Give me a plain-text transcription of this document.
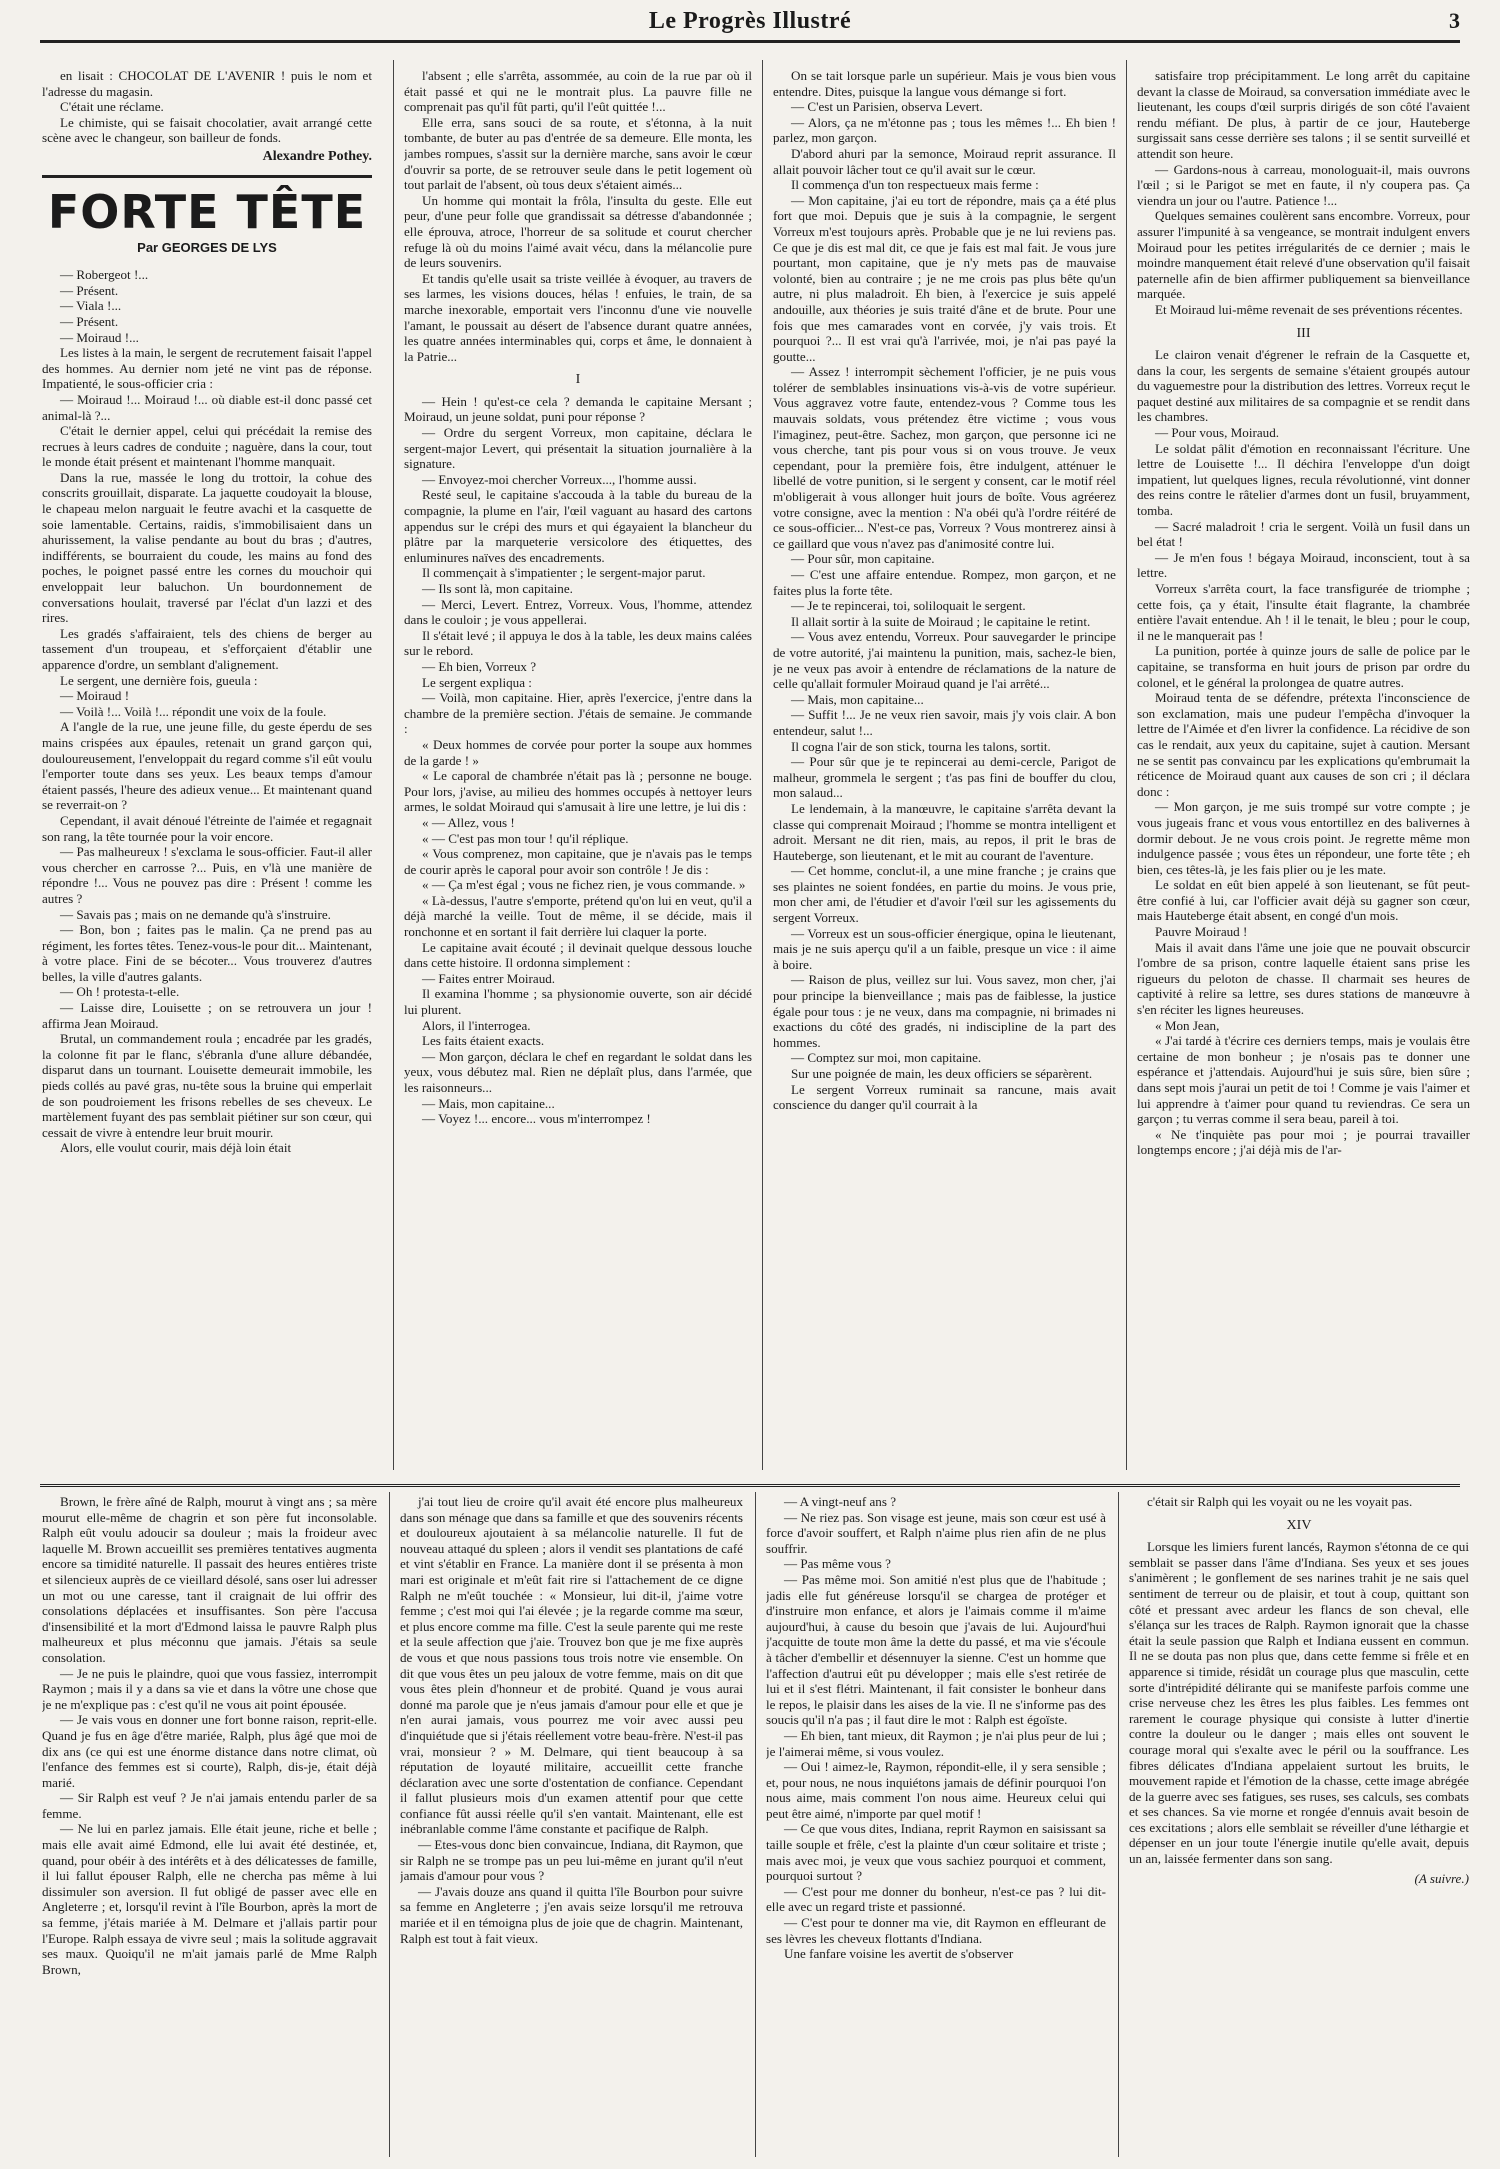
Le Progrès Illustré	3

en lisait : CHOCOLAT DE L'AVENIR ! puis le nom et l'adresse du magasin.

C'était une réclame.

Le chimiste, qui se faisait chocolatier, avait arrangé cette scène avec le changeur, son bailleur de fonds.

Alexandre Pothey.
FORTE TÊTE
Par GEORGES DE LYS

— Robergeot !...

— Présent.

— Viala !...

— Présent.

— Moiraud !...

Les listes à la main, le sergent de recrutement faisait l'appel des hommes. Au dernier nom jeté ne vint pas de réponse. Impatienté, le sous-officier cria :

— Moiraud !... Moiraud !... où diable est-il donc passé cet animal-là ?...

C'était le dernier appel, celui qui précédait la remise des recrues à leurs cadres de conduite ; naguère, dans la cour, tout le monde était présent et maintenant l'homme manquait.

Dans la rue, massée le long du trottoir, la cohue des conscrits grouillait, disparate. La jaquette coudoyait la blouse, le chapeau melon narguait le feutre avachi et la casquette de soie lamentable. Certains, raidis, s'immobilisaient dans un ahurissement, la valise pendante au bout du bras ; d'autres, indifférents, se bourraient du coude, les mains au fond des poches, le poignet passé entre les cornes du mouchoir qui enveloppait leur baluchon. Un bourdonnement de conversations houlait, traversé par l'éclat d'un lazzi et des rires.

Les gradés s'affairaient, tels des chiens de berger au tassement d'un troupeau, et s'efforçaient d'établir une apparence d'ordre, un semblant d'alignement.

Le sergent, une dernière fois, gueula :

— Moiraud !

— Voilà !... Voilà !... répondit une voix de la foule.

A l'angle de la rue, une jeune fille, du geste éperdu de ses mains crispées aux épaules, retenait un grand garçon qui, douloureusement, l'enveloppait du regard comme s'il eût voulu l'emporter toute dans ses yeux. Les beaux temps d'amour étaient passés, l'heure des adieux venue... Et maintenant quand se reverrait-on ?

Cependant, il avait dénoué l'étreinte de l'aimée et regagnait son rang, la tête tournée pour la voir encore.

— Pas malheureux ! s'exclama le sous-officier. Faut-il aller vous chercher en carrosse ?... Puis, en v'là une manière de répondre !... Vous ne pouvez pas dire : Présent ! comme les autres ?

— Savais pas ; mais on ne demande qu'à s'instruire.

— Bon, bon ; faites pas le malin. Ça ne prend pas au régiment, les fortes têtes. Tenez-vous-le pour dit... Maintenant, à votre place. Fini de se bécoter... Vous trouverez d'autres belles, la ville d'autres galants.

— Oh ! protesta-t-elle.

— Laisse dire, Louisette ; on se retrouvera un jour ! affirma Jean Moiraud.

Brutal, un commandement roula ; encadrée par les gradés, la colonne fit par le flanc, s'ébranla d'une allure débandée, disparut dans un tournant. Louisette demeurait immobile, les pieds collés au pavé gras, nu-tête sous la bruine qui emperlait de son poudroiement les frisons rebelles de ses cheveux. Le martèlement fuyant des pas semblait piétiner sur son cœur, qui cessait de vivre à entendre leur bruit mourir.

Alors, elle voulut courir, mais déjà loin était

l'absent ; elle s'arrêta, assommée, au coin de la rue par où il était passé et qui ne le montrait plus. La pauvre fille ne comprenait pas qu'il fût parti, qu'il l'eût quittée !...

Elle erra, sans souci de sa route, et s'étonna, à la nuit tombante, de buter au pas d'entrée de sa demeure. Elle monta, les jambes rompues, s'assit sur la dernière marche, sans avoir le cœur d'ouvrir sa porte, de se retrouver seule dans le petit logement où tout parlait de l'absent, où tous deux s'étaient aimés...

Un homme qui montait la frôla, l'insulta du geste. Elle eut peur, d'une peur folle que grandissait sa détresse d'abandonnée ; elle éprouva, atroce, l'horreur de sa solitude et courut chercher refuge là où du moins l'aimé avait vécu, dans la mélancolie pure de leurs souvenirs.

Et tandis qu'elle usait sa triste veillée à évoquer, au travers de ses larmes, les visions douces, hélas ! enfuies, le train, de sa marche inexorable, emportait vers l'inconnu d'une vie nouvelle l'amant, le poussait au désert de l'absence durant quatre années, les quatre années interminables qui, corps et âme, le donnaient à la Patrie...

I

— Hein ! qu'est-ce cela ? demanda le capitaine Mersant ; Moiraud, un jeune soldat, puni pour réponse ?

— Ordre du sergent Vorreux, mon capitaine, déclara le sergent-major Levert, qui présentait la situation journalière à la signature.

— Envoyez-moi chercher Vorreux..., l'homme aussi.

Resté seul, le capitaine s'accouda à la table du bureau de la compagnie, la plume en l'air, l'œil vaguant au hasard des cartons appendus sur le crépi des murs et qui égayaient la blancheur du plâtre par la marqueterie versicolore des étiquettes, des enluminures naïves des encadrements.

Il commençait à s'impatienter ; le sergent-major parut.

— Ils sont là, mon capitaine.

— Merci, Levert. Entrez, Vorreux. Vous, l'homme, attendez dans le couloir ; je vous appellerai.

Il s'était levé ; il appuya le dos à la table, les deux mains calées sur le rebord.

— Eh bien, Vorreux ?

Le sergent expliqua :

— Voilà, mon capitaine. Hier, après l'exercice, j'entre dans la chambre de la première section. J'étais de semaine. Je commande :

« Deux hommes de corvée pour porter la soupe aux hommes de la garde ! »

« Le caporal de chambrée n'était pas là ; personne ne bouge. Pour lors, j'avise, au milieu des hommes occupés à nettoyer leurs armes, le soldat Moiraud qui s'amusait à lire une lettre, je lui dis :

« — Allez, vous !

« — C'est pas mon tour ! qu'il réplique.

« Vous comprenez, mon capitaine, que je n'avais pas le temps de courir après le caporal pour avoir son contrôle ! Je dis :

« — Ça m'est égal ; vous ne fichez rien, je vous commande. »

« Là-dessus, l'autre s'emporte, prétend qu'on lui en veut, qu'il a déjà marché la veille. Tout de même, il se décide, mais il ronchonne et en sortant il fait derrière lui claquer la porte.

Le capitaine avait écouté ; il devinait quelque dessous louche dans cette histoire. Il ordonna simplement :

— Faites entrer Moiraud.

Il examina l'homme ; sa physionomie ouverte, son air décidé lui plurent.

Alors, il l'interrogea.

Les faits étaient exacts.

— Mon garçon, déclara le chef en regardant le soldat dans les yeux, vous débutez mal. Rien ne déplaît plus, dans l'armée, que les raisonneurs...

— Mais, mon capitaine...

— Voyez !... encore... vous m'interrompez !

On se tait lorsque parle un supérieur. Mais je vous bien vous entendre. Dites, puisque la langue vous démange si fort.

— C'est un Parisien, observa Levert.

— Alors, ça ne m'étonne pas ; tous les mêmes !... Eh bien ! parlez, mon garçon.

D'abord ahuri par la semonce, Moiraud reprit assurance. Il allait pouvoir lâcher tout ce qu'il avait sur le cœur.

Il commença d'un ton respectueux mais ferme :

— Mon capitaine, j'ai eu tort de répondre, mais ça a été plus fort que moi. Depuis que je suis à la compagnie, le sergent Vorreux m'est toujours après. Probable que je ne lui reviens pas. Ce que je dis est mal dit, ce que je fais est mal fait. Je vous jure pourtant, mon capitaine, que je n'y mets pas de mauvaise volonté, bien au contraire ; je ne me crois pas plus bête qu'un autre, ni plus maladroit. Eh bien, à l'exercice je suis appelé andouille, aux théories je suis traité d'âne et de brute. Pour une fois que mes camarades vont en corvée, j'y vais trois. Et pourquoi ?... Il est vrai qu'à l'arrivée, moi, je n'ai pas payé la goutte...

— Assez ! interrompit sèchement l'officier, je ne puis vous tolérer de semblables insinuations vis-à-vis de votre supérieur. Vous aggravez votre faute, entendez-vous ? Comme tous les mauvais soldats, vous prétendez être victime ; vous vous l'imaginez, peut-être. Sachez, mon garçon, que personne ici ne vous cherche, tant pis pour vous si on vous trouve. Je veux cependant, pour la première fois, être indulgent, atténuer le libellé de votre punition, si le sergent y consent, car le motif réel m'obligerait à vous allonger huit jours de boîte. Vous agréerez votre consigne, avec la mention : N'a obéi qu'à l'ordre réitéré de ce sous-officier... N'est-ce pas, Vorreux ? Vous montrerez ainsi à ce gaillard que vous n'avez pas d'animosité contre lui.

— Pour sûr, mon capitaine.

— C'est une affaire entendue. Rompez, mon garçon, et ne faites plus la forte tête.

— Je te repincerai, toi, soliloquait le sergent.

Il allait sortir à la suite de Moiraud ; le capitaine le retint.

— Vous avez entendu, Vorreux. Pour sauvegarder le principe de votre autorité, j'ai maintenu la punition, mais, sachez-le bien, je ne veux pas avoir à entendre de réclamations de la nature de celle qu'allait formuler Moiraud quand je l'ai arrêté...

— Mais, mon capitaine...

— Suffit !... Je ne veux rien savoir, mais j'y vois clair. A bon entendeur, salut !...

Il cogna l'air de son stick, tourna les talons, sortit.

— Pour sûr que je te repincerai au demi-cercle, Parigot de malheur, grommela le sergent ; t'as pas fini de bouffer du clou, mon salaud...

Le lendemain, à la manœuvre, le capitaine s'arrêta devant la classe qui comprenait Moiraud ; l'homme se montra intelligent et adroit. Mersant ne dit rien, mais, au repos, il prit le bras de Hauteberge, son lieutenant, et le mit au courant de l'aventure.

— Cet homme, conclut-il, a une mine franche ; je crains que ses plaintes ne soient fondées, en partie du moins. Je vous prie, mon cher ami, de l'étudier et d'avoir l'œil sur les agissements du sergent Vorreux.

— Vorreux est un sous-officier énergique, opina le lieutenant, mais je ne suis aperçu qu'il a un faible, presque un vice : il aime à boire.

— Raison de plus, veillez sur lui. Vous savez, mon cher, j'ai pour principe la bienveillance ; mais pas de faiblesse, la justice égale pour tous : je ne veux, dans ma compagnie, ni brimades ni exactions du côté des gradés, ni indiscipline de la part des hommes.

— Comptez sur moi, mon capitaine.

Sur une poignée de main, les deux officiers se séparèrent.

Le sergent Vorreux ruminait sa rancune, mais avait conscience du danger qu'il courrait à la

satisfaire trop précipitamment. Le long arrêt du capitaine devant la classe de Moiraud, sa conversation immédiate avec le lieutenant, les coups d'œil surpris dirigés de son côté l'avaient rendu méfiant. De plus, à partir de ce jour, Hauteberge surgissait sans cesse derrière ses talons ; il se sentit surveillé et attendit son heure.

— Gardons-nous à carreau, monologuait-il, mais ouvrons l'œil ; si le Parigot se met en faute, il n'y coupera pas. Ça viendra un jour ou l'autre. Patience !...

Quelques semaines coulèrent sans encombre. Vorreux, pour assurer l'impunité à sa vengeance, se montrait indulgent envers Moiraud pour les petites irrégularités de ce dernier ; mais le moindre manquement était relevé d'une observation qu'il faisait paternelle afin de bien affirmer publiquement sa bienveillance marquée.

Et Moiraud lui-même revenait de ses préventions récentes.

III

Le clairon venait d'égrener le refrain de la Casquette et, dans la cour, les sergents de semaine s'étaient groupés autour du vaguemestre pour la distribution des lettres. Vorreux reçut le paquet destiné aux militaires de sa compagnie et se rendit dans les chambres.

— Pour vous, Moiraud.

Le soldat pâlit d'émotion en reconnaissant l'écriture. Une lettre de Louisette !... Il déchira l'enveloppe d'un doigt impatient, lut quelques lignes, recula révolutionné, vint donner des reins contre le râtelier d'armes dont un fusil, bruyamment, tomba.

— Sacré maladroit ! cria le sergent. Voilà un fusil dans un bel état !

— Je m'en fous ! bégaya Moiraud, inconscient, tout à sa lettre.

Vorreux s'arrêta court, la face transfigurée de triomphe ; cette fois, ça y était, l'insulte était flagrante, la chambrée entière l'avait entendue. Ah ! il le tenait, le bleu ; pour le coup, il ne le manquerait pas !

La punition, portée à quinze jours de salle de police par le capitaine, se transforma en huit jours de prison par ordre du colonel, et le général la prolongea de quatre autres.

Moiraud tenta de se défendre, prétexta l'inconscience de son exclamation, mais une pudeur l'empêcha d'invoquer la lettre de l'Aimée et d'en livrer la confidence. La récidive de son cas le rendait, aux yeux du capitaine, sujet à caution. Mersant ne se sentit pas convaincu par les explications qu'embrumait la réticence de Moiraud quant aux causes de son cri ; il déclara donc :

— Mon garçon, je me suis trompé sur votre compte ; je vous jugeais franc et vous vous entortillez en des balivernes à dormir debout. Je ne vous crois point. Je regrette même mon indulgence passée ; vous êtes un répondeur, une forte tête ; eh bien, ces têtes-là, je les fais plier ou je les mate.

Le soldat en eût bien appelé à son lieutenant, se fût peut-être confié à lui, car l'officier avait déjà su gagner son cœur, mais Hauteberge était absent, en congé d'un mois.

Pauvre Moiraud !

Mais il avait dans l'âme une joie que ne pouvait obscurcir l'ombre de sa prison, contre laquelle étaient sans prise les rigueurs du peloton de chasse. Il charmait ses heures de captivité à relire sa lettre, ses dures stations de manœuvre à s'en réciter les lignes heureuses.

« Mon Jean,

« J'ai tardé à t'écrire ces derniers temps, mais je voulais être certaine de mon bonheur ; je n'osais pas te donner une espérance et j'attendais. Aujourd'hui je suis sûre, bien sûre ; dans sept mois j'aurai un petit de toi ! Comme je vais l'aimer et lui apprendre à t'aimer pour quand tu reviendras. Ce sera un garçon ; tu verras comme il sera beau, pareil à toi.

« Ne t'inquiète pas pour moi ; je pourrai travailler longtemps encore ; j'ai déjà mis de l'ar-

Brown, le frère aîné de Ralph, mourut à vingt ans ; sa mère mourut elle-même de chagrin et son père fut inconsolable. Ralph eût voulu adoucir sa douleur ; mais la froideur avec laquelle M. Brown accueillit ses premières tentatives augmenta encore sa timidité naturelle. Il passait des heures entières triste et silencieux auprès de ce vieillard désolé, sans oser lui adresser un mot ou une caresse, tant il craignait de lui offrir des consolations déplacées et insuffisantes. Son père l'accusa d'insensibilité et la mort d'Edmond laissa le pauvre Ralph plus malheureux et plus méconnu que jamais. J'étais sa seule consolation.

— Je ne puis le plaindre, quoi que vous fassiez, interrompit Raymon ; mais il y a dans sa vie et dans la vôtre une chose que je ne m'explique pas : c'est qu'il ne vous ait point épousée.

— Je vais vous en donner une fort bonne raison, reprit-elle. Quand je fus en âge d'être mariée, Ralph, plus âgé que moi de dix ans (ce qui est une énorme distance dans notre climat, où l'enfance des femmes est si courte), Ralph, dis-je, était déjà marié.

— Sir Ralph est veuf ? Je n'ai jamais entendu parler de sa femme.

— Ne lui en parlez jamais. Elle était jeune, riche et belle ; mais elle avait aimé Edmond, elle lui avait été destinée, et, quand, pour obéir à des intérêts et à des délicatesses de famille, il lui fallut épouser Ralph, elle ne chercha pas même à lui dissimuler son aversion. Il fut obligé de passer avec elle en Angleterre ; et, lorsqu'il revint à l'île Bourbon, après la mort de sa femme, j'étais mariée à M. Delmare et j'allais partir pour l'Europe. Ralph essaya de vivre seul ; mais la solitude aggravait ses maux. Quoiqu'il ne m'ait jamais parlé de Mme Ralph Brown,

j'ai tout lieu de croire qu'il avait été encore plus malheureux dans son ménage que dans sa famille et que des souvenirs récents et douloureux ajoutaient à sa mélancolie naturelle. Il fut de nouveau attaqué du spleen ; alors il vendit ses plantations de café et vint s'établir en France. La manière dont il se présenta à mon mari est originale et m'eût fait rire si l'attachement de ce digne Ralph ne m'eût touchée : « Monsieur, lui dit-il, j'aime votre femme ; c'est moi qui l'ai élevée ; je la regarde comme ma sœur, et plus encore comme ma fille. C'est la seule parente qui me reste et la seule affection que j'aie. Trouvez bon que je me fixe auprès de vous et que nous passions tous trois notre vie ensemble. On dit que vous êtes un peu jaloux de votre femme, mais on dit que vous êtes plein d'honneur et de probité. Quand je vous aurai donné ma parole que je n'eus jamais d'amour pour elle et que je n'en aurai jamais, vous pourrez me voir avec aussi peu d'inquiétude que si j'étais réellement votre beau-frère. N'est-il pas vrai, monsieur ? » M. Delmare, qui tient beaucoup à sa réputation de loyauté militaire, accueillit cette franche déclaration avec une sorte d'ostentation de confiance. Cependant il fallut plusieurs mois d'un examen attentif pour que cette confiance fût aussi réelle qu'il s'en vantait. Maintenant, elle est inébranlable comme l'âme constante et pacifique de Ralph.

— Etes-vous donc bien convaincue, Indiana, dit Raymon, que sir Ralph ne se trompe pas un peu lui-même en jurant qu'il n'eut jamais d'amour pour vous ?

— J'avais douze ans quand il quitta l'île Bourbon pour suivre sa femme en Angleterre ; j'en avais seize lorsqu'il me retrouva mariée et il en témoigna plus de joie que de chagrin. Maintenant, Ralph est tout à fait vieux.

— A vingt-neuf ans ?

— Ne riez pas. Son visage est jeune, mais son cœur est usé à force d'avoir souffert, et Ralph n'aime plus rien afin de ne plus souffrir.

— Pas même vous ?

— Pas même moi. Son amitié n'est plus que de l'habitude ; jadis elle fut généreuse lorsqu'il se chargea de protéger et d'instruire mon enfance, et alors je l'aimais comme il m'aime aujourd'hui, à cause du besoin que j'avais de lui. Aujourd'hui j'acquitte de toute mon âme la dette du passé, et ma vie s'écoule à tâcher d'embellir et désennuyer la sienne. C'est un homme que l'affection d'autrui eût pu développer ; mais elle s'est retirée de lui et il s'est flétri. Maintenant, il fait consister le bonheur dans le repos, le plaisir dans les aises de la vie. Il ne s'informe pas des soucis qu'il n'a pas ; il faut dire le mot : Ralph est égoïste.

— Eh bien, tant mieux, dit Raymon ; je n'ai plus peur de lui ; je l'aimerai même, si vous voulez.

— Oui ! aimez-le, Raymon, répondit-elle, il y sera sensible ; et, pour nous, ne nous inquiétons jamais de définir pourquoi l'on nous aime, mais comment l'on nous aime. Heureux celui qui peut être aimé, n'importe par quel motif !

— Ce que vous dites, Indiana, reprit Raymon en saisissant sa taille souple et frêle, c'est la plainte d'un cœur solitaire et triste ; mais avec moi, je veux que vous sachiez pourquoi et comment, pourquoi surtout ?

— C'est pour me donner du bonheur, n'est-ce pas ? lui dit-elle avec un regard triste et passionné.

— C'est pour te donner ma vie, dit Raymon en effleurant de ses lèvres les cheveux flottants d'Indiana.

Une fanfare voisine les avertit de s'observer

c'était sir Ralph qui les voyait ou ne les voyait pas.

XIV

Lorsque les limiers furent lancés, Raymon s'étonna de ce qui semblait se passer dans l'âme d'Indiana. Ses yeux et ses joues s'animèrent ; le gonflement de ses narines trahit je ne sais quel sentiment de terreur ou de plaisir, et tout à coup, quittant son côté et pressant avec ardeur les flancs de son cheval, elle s'élança sur les traces de Ralph. Raymon ignorait que la chasse était la seule passion que Ralph et Indiana eussent en commun. Il ne se douta pas non plus que, dans cette femme si frêle et en apparence si timide, résidât un courage plus que masculin, cette sorte d'intrépidité délirante qui se manifeste parfois comme une crise nerveuse chez les êtres les plus faibles. Les femmes ont rarement le courage physique qui consiste à lutter d'inertie contre la douleur ou le danger ; mais elles ont souvent le courage moral qui s'exalte avec le péril ou la souffrance. Les fibres délicates d'Indiana appelaient surtout les bruits, le mouvement rapide et l'émotion de la chasse, cette image abrégée de la guerre avec ses fatigues, ses ruses, ses calculs, ses combats et ses chances. Sa vie morne et rongée d'ennuis avait besoin de ces excitations ; alors elle semblait se réveiller d'une léthargie et dépenser en un jour toute l'énergie inutile qu'elle avait, depuis un an, laissée fermenter dans son sang.

(A suivre.)
